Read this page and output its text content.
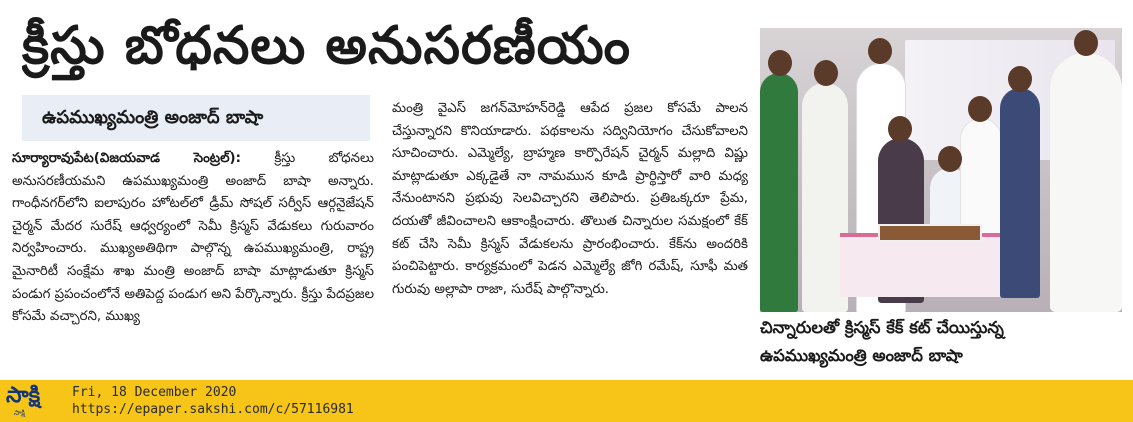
క్రీస్తు బోధనలు అనుసరణీయం
ఉపముఖ్యమంత్రి అంజాద్ బాషా

సూర్యారావుపేట(విజయవాడ సెంట్రల్):	క్రీస్తు బోధనలు అనుసరణీయమని ఉపముఖ్యమంత్రి అంజాద్ బాషా అన్నారు. గాంధీనగర్‌లోని ఐలాపురం హోటల్‌లో డ్రీమ్ సోషల్ సర్వీస్ ఆర్గనైజేషన్ చైర్మన్ మేదర సురేష్ ఆధ్వర్యంలో సెమీ క్రిస్మస్ వేడుకలు గురువారం నిర్వహించారు. ముఖ్యఅతిథిగా పాల్గొన్న ఉపముఖ్యమంత్రి, రాష్ట్ర మైనారిటీ సంక్షేమ శాఖ మంత్రి అంజాద్ బాషా మాట్లాడుతూ క్రిస్మస్ పండుగ ప్రపంచంలోనే అతిపెద్ద పండుగ అని పేర్కొన్నారు. క్రీస్తు పేదప్రజల కోసమే వచ్చారని, ముఖ్య

మంత్రి వైఎస్ జగన్‌మోహన్‌రెడ్డి ఆపేద ప్రజల కోసమే పాలన చేస్తున్నారని కొనియాడారు. పథకాలను సద్వినియోగం చేసుకోవాలని సూచించారు. ఎమ్మెల్యే, బ్రాహ్మణ కార్పొరేషన్ చైర్మన్ మల్లాది విష్ణు మాట్లాడుతూ ఎక్కడైతే నా నామమున కూడి ప్రార్థిస్తారో వారి మధ్య నేనుంటానని ప్రభువు సెలవిచ్చారని తెలిపారు. ప్రతిఒక్కరూ ప్రేమ, దయతో జీవించాలని ఆకాంక్షించారు. తొలుత చిన్నారుల సమక్షంలో కేక్ కట్ చేసి సెమీ క్రిస్మస్ వేడుకలను ప్రారంభించారు. కేక్‌ను అందరికి పంచిపెట్టారు. కార్యక్రమంలో పెడన ఎమ్మెల్యే జోగి రమేష్, సూఫీ మత గురువు అల్లాపా రాజా, సురేష్ పాల్గొన్నారు.

చిన్నారులతో క్రిస్మస్ కేక్ కట్ చేయిస్తున్న
ఉపముఖ్యమంత్రి అంజాద్ బాషా
సాక్షి
సాక్షి
Fri, 18 December 2020
https://epaper.sakshi.com/c/57116981
